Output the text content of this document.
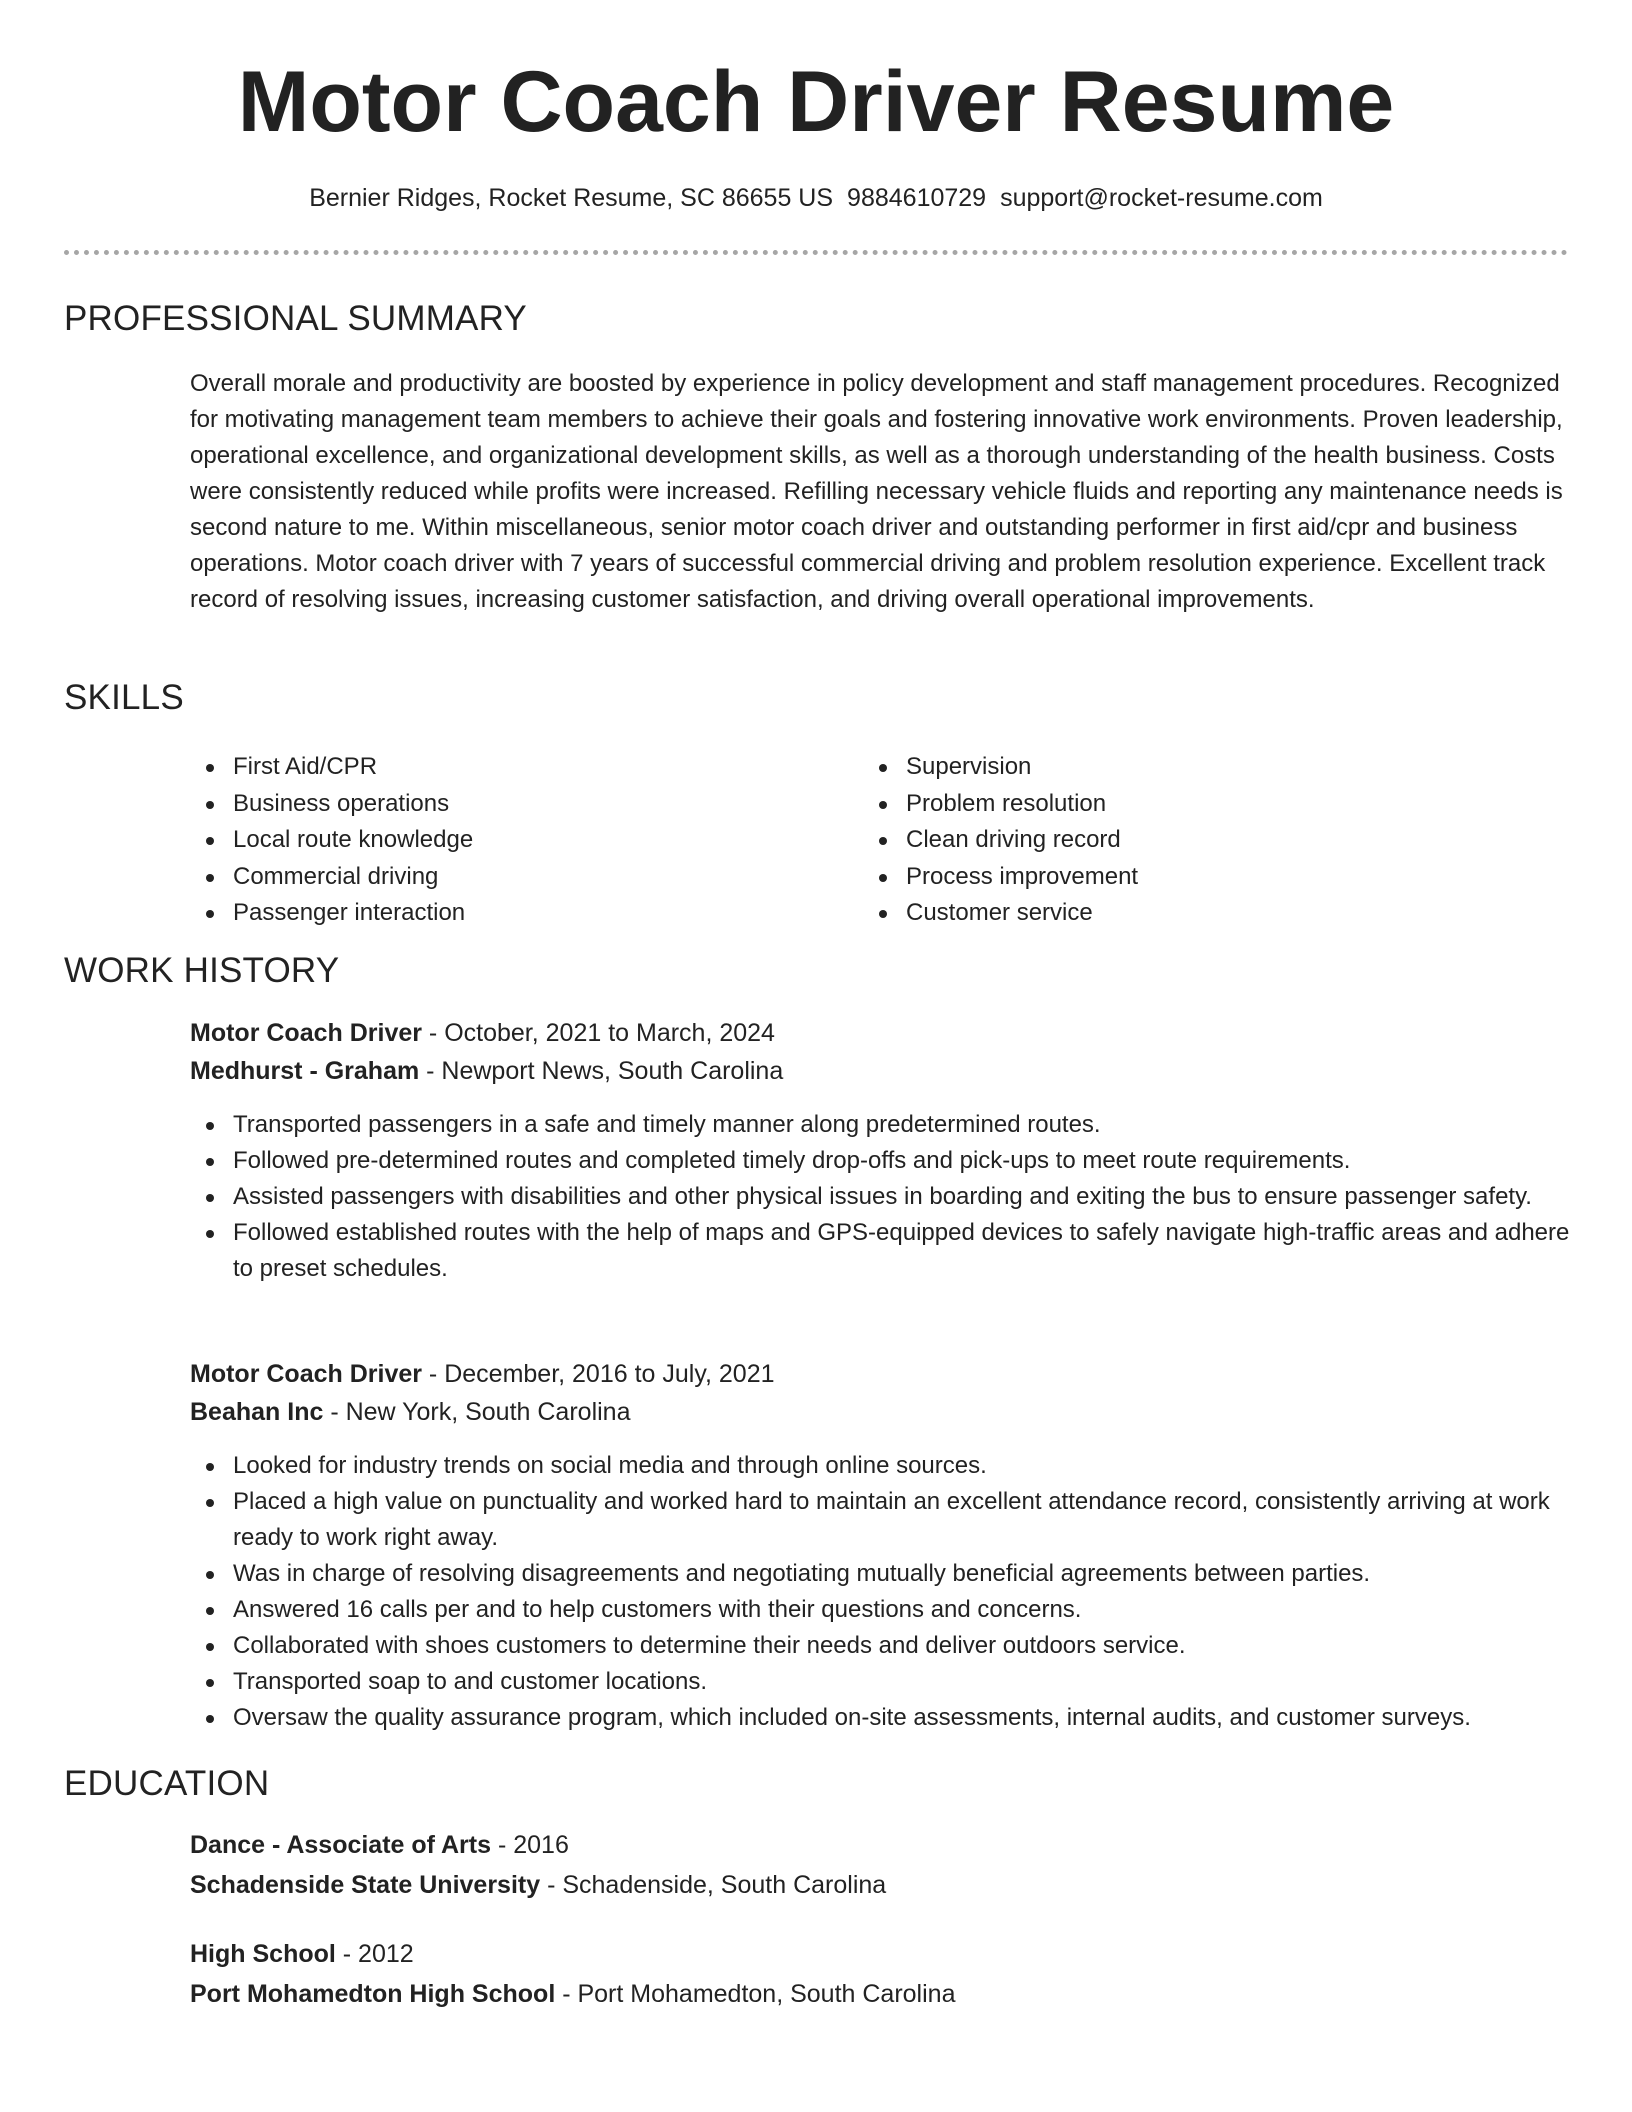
Motor Coach Driver Resume
Bernier Ridges, Rocket Resume, SC 86655 US 9884610729 support@rocket-resume.com
PROFESSIONAL SUMMARY
Overall morale and productivity are boosted by experience in policy development and staff management procedures. Recognized for motivating management team members to achieve their goals and fostering innovative work environments. Proven leadership, operational excellence, and organizational development skills, as well as a thorough understanding of the health business. Costs were consistently reduced while profits were increased. Refilling necessary vehicle fluids and reporting any maintenance needs is second nature to me. Within miscellaneous, senior motor coach driver and outstanding performer in first aid/cpr and business operations. Motor coach driver with 7 years of successful commercial driving and problem resolution experience. Excellent track record of resolving issues, increasing customer satisfaction, and driving overall operational improvements.
SKILLS
First Aid/CPR
Business operations
Local route knowledge
Commercial driving
Passenger interaction
Supervision
Problem resolution
Clean driving record
Process improvement
Customer service
WORK HISTORY
Motor Coach Driver - October, 2021 to March, 2024
Medhurst - Graham - Newport News, South Carolina
Transported passengers in a safe and timely manner along predetermined routes.
Followed pre-determined routes and completed timely drop-offs and pick-ups to meet route requirements.
Assisted passengers with disabilities and other physical issues in boarding and exiting the bus to ensure passenger safety.
Followed established routes with the help of maps and GPS-equipped devices to safely navigate high-traffic areas and adhere to preset schedules.
Motor Coach Driver - December, 2016 to July, 2021
Beahan Inc - New York, South Carolina
Looked for industry trends on social media and through online sources.
Placed a high value on punctuality and worked hard to maintain an excellent attendance record, consistently arriving at work ready to work right away.
Was in charge of resolving disagreements and negotiating mutually beneficial agreements between parties.
Answered 16 calls per and to help customers with their questions and concerns.
Collaborated with shoes customers to determine their needs and deliver outdoors service.
Transported soap to and customer locations.
Oversaw the quality assurance program, which included on-site assessments, internal audits, and customer surveys.
EDUCATION
Dance - Associate of Arts - 2016
Schadenside State University - Schadenside, South Carolina
High School - 2012
Port Mohamedton High School - Port Mohamedton, South Carolina
